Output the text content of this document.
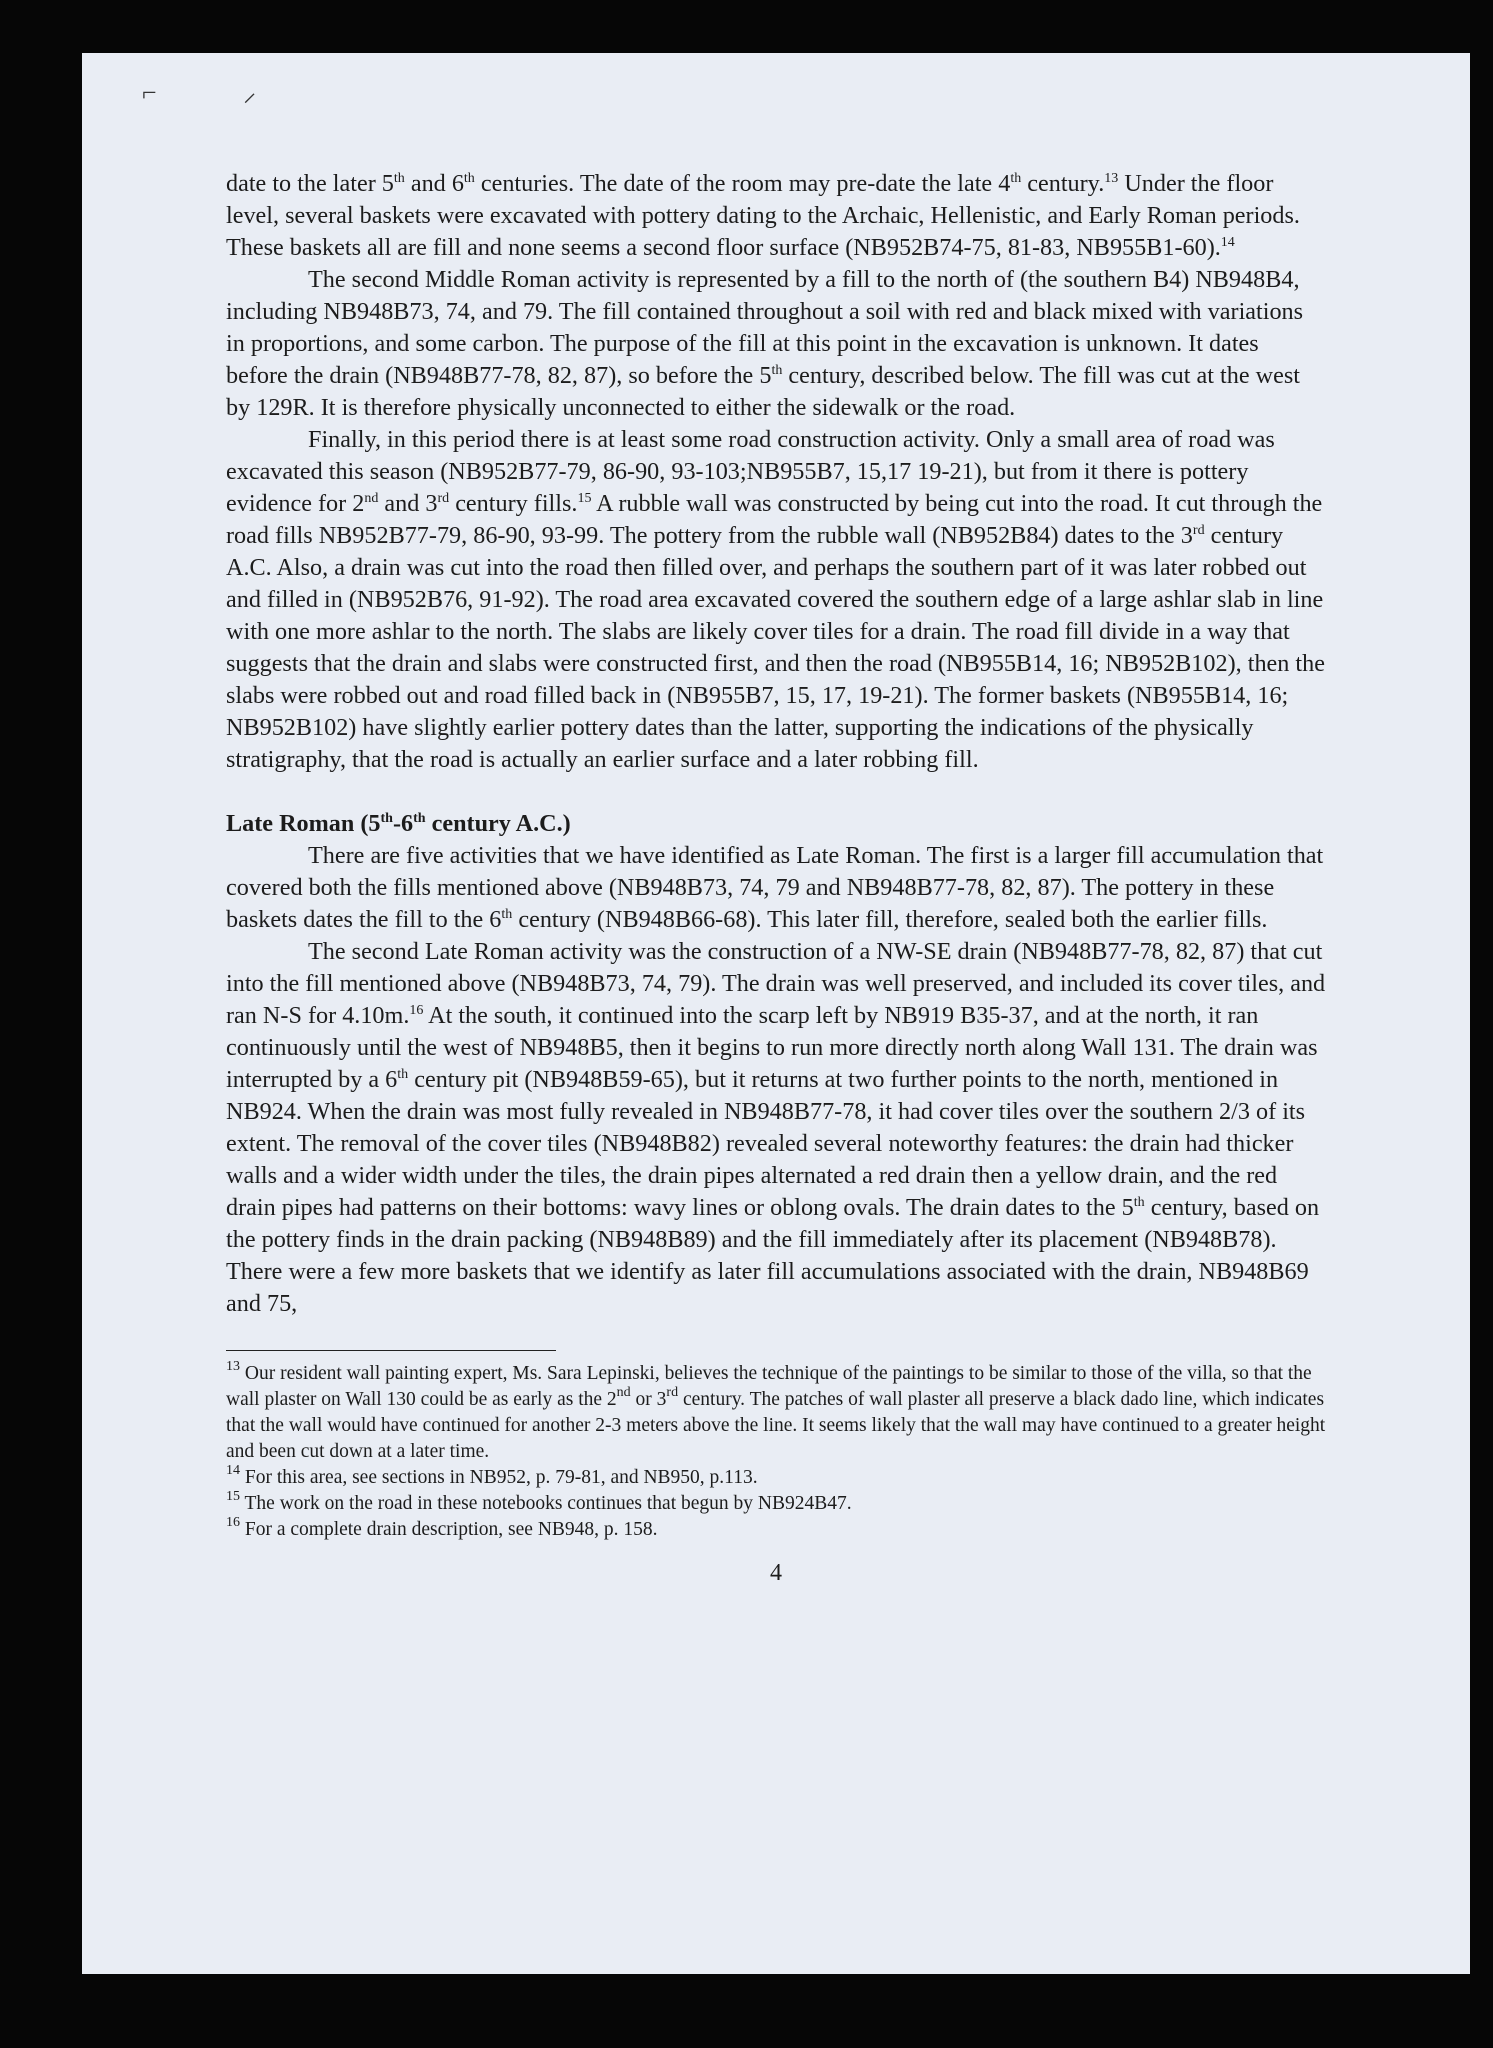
⌐ ⸝

date to the later 5th and 6th centuries. The date of the room may pre-date the late 4th century.$^{13}$ Under the floor level, several baskets were excavated with pottery dating to the Archaic, Hellenistic, and Early Roman periods. These baskets all are fill and none seems a second floor surface (NB952B74-75, 81-83, NB955B1-60).$^{14}$

The second Middle Roman activity is represented by a fill to the north of (the southern B4) NB948B4, including NB948B73, 74, and 79. The fill contained throughout a soil with red and black mixed with variations in proportions, and some carbon. The purpose of the fill at this point in the excavation is unknown. It dates before the drain (NB948B77-78, 82, 87), so before the 5th century, described below. The fill was cut at the west by 129R. It is therefore physically unconnected to either the sidewalk or the road.

Finally, in this period there is at least some road construction activity. Only a small area of road was excavated this season (NB952B77-79, 86-90, 93-103;NB955B7, 15,17 19-21), but from it there is pottery evidence for 2nd and 3rd century fills.$^{15}$ A rubble wall was constructed by being cut into the road. It cut through the road fills NB952B77-79, 86-90, 93-99. The pottery from the rubble wall (NB952B84) dates to the 3rd century A.C. Also, a drain was cut into the road then filled over, and perhaps the southern part of it was later robbed out and filled in (NB952B76, 91-92). The road area excavated covered the southern edge of a large ashlar slab in line with one more ashlar to the north. The slabs are likely cover tiles for a drain. The road fill divide in a way that suggests that the drain and slabs were constructed first, and then the road (NB955B14, 16; NB952B102), then the slabs were robbed out and road filled back in (NB955B7, 15, 17, 19-21). The former baskets (NB955B14, 16; NB952B102) have slightly earlier pottery dates than the latter, supporting the indications of the physically stratigraphy, that the road is actually an earlier surface and a later robbing fill.

Late Roman (5th-6th century A.C.)

There are five activities that we have identified as Late Roman. The first is a larger fill accumulation that covered both the fills mentioned above (NB948B73, 74, 79 and NB948B77-78, 82, 87). The pottery in these baskets dates the fill to the 6th century (NB948B66-68). This later fill, therefore, sealed both the earlier fills.

The second Late Roman activity was the construction of a NW-SE drain (NB948B77-78, 82, 87) that cut into the fill mentioned above (NB948B73, 74, 79). The drain was well preserved, and included its cover tiles, and ran N-S for 4.10m.$^{16}$ At the south, it continued into the scarp left by NB919 B35-37, and at the north, it ran continuously until the west of NB948B5, then it begins to run more directly north along Wall 131. The drain was interrupted by a 6th century pit (NB948B59-65), but it returns at two further points to the north, mentioned in NB924. When the drain was most fully revealed in NB948B77-78, it had cover tiles over the southern 2/3 of its extent. The removal of the cover tiles (NB948B82) revealed several noteworthy features: the drain had thicker walls and a wider width under the tiles, the drain pipes alternated a red drain then a yellow drain, and the red drain pipes had patterns on their bottoms: wavy lines or oblong ovals. The drain dates to the 5th century, based on the pottery finds in the drain packing (NB948B89) and the fill immediately after its placement (NB948B78). There were a few more baskets that we identify as later fill accumulations associated with the drain, NB948B69 and 75,

$^{13}$ Our resident wall painting expert, Ms. Sara Lepinski, believes the technique of the paintings to be similar to those of the villa, so that the wall plaster on Wall 130 could be as early as the 2nd or 3rd century. The patches of wall plaster all preserve a black dado line, which indicates that the wall would have continued for another 2-3 meters above the line. It seems likely that the wall may have continued to a greater height and been cut down at a later time.

$^{14}$ For this area, see sections in NB952, p. 79-81, and NB950, p.113.

$^{15}$ The work on the road in these notebooks continues that begun by NB924B47.

$^{16}$ For a complete drain description, see NB948, p. 158.

4
